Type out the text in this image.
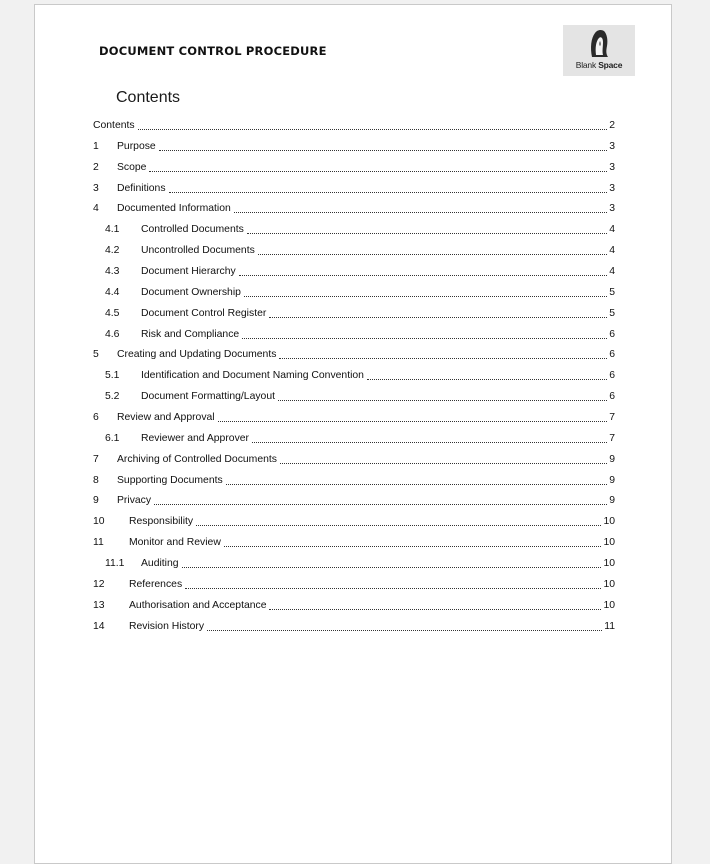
DOCUMENT CONTROL PROCEDURE
Blank Space
Contents
Contents	2
1 Purpose	3
2 Scope	3
3 Definitions	3
4 Documented Information	3
4.1 Controlled Documents	4
4.2 Uncontrolled Documents	4
4.3 Document Hierarchy	4
4.4 Document Ownership	5
4.5 Document Control Register	5
4.6 Risk and Compliance	6
5 Creating and Updating Documents	6
5.1 Identification and Document Naming Convention	6
5.2 Document Formatting/Layout	6
6 Review and Approval	7
6.1 Reviewer and Approver	7
7 Archiving of Controlled Documents	9
8 Supporting Documents	9
9 Privacy	9
10 Responsibility	10
11 Monitor and Review	10
11.1 Auditing	10
12 References	10
13 Authorisation and Acceptance	10
14 Revision History	11
